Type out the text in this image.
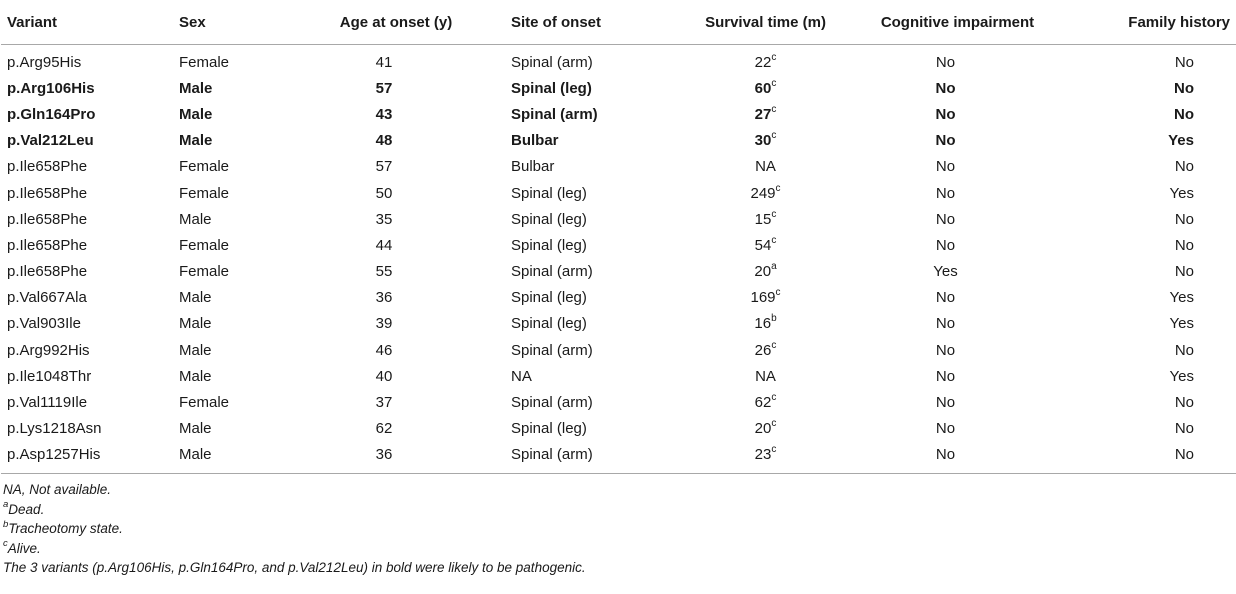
Variant	Sex	Age at onset (y)	Site of onset	Survival time (m)	Cognitive impairment	Family history
p.Arg95His	Female	41	Spinal (arm)	22$^c$	No	No
p.Arg106His	Male	57	Spinal (leg)	60$^c$	No	No
p.Gln164Pro	Male	43	Spinal (arm)	27$^c$	No	No
p.Val212Leu	Male	48	Bulbar	30$^c$	No	Yes
p.Ile658Phe	Female	57	Bulbar	NA	No	No
p.Ile658Phe	Female	50	Spinal (leg)	249$^c$	No	Yes
p.Ile658Phe	Male	35	Spinal (leg)	15$^c$	No	No
p.Ile658Phe	Female	44	Spinal (leg)	54$^c$	No	No
p.Ile658Phe	Female	55	Spinal (arm)	20$^a$	Yes	No
p.Val667Ala	Male	36	Spinal (leg)	169$^c$	No	Yes
p.Val903Ile	Male	39	Spinal (leg)	16$^b$	No	Yes
p.Arg992His	Male	46	Spinal (arm)	26$^c$	No	No
p.Ile1048Thr	Male	40	NA	NA	No	Yes
p.Val1119Ile	Female	37	Spinal (arm)	62$^c$	No	No
p.Lys1218Asn	Male	62	Spinal (leg)	20$^c$	No	No
p.Asp1257His	Male	36	Spinal (arm)	23$^c$	No	No
NA, Not available.
$^a$Dead.
$^b$Tracheotomy state.
$^c$Alive.
The 3 variants (p.Arg106His, p.Gln164Pro, and p.Val212Leu) in bold were likely to be pathogenic.
